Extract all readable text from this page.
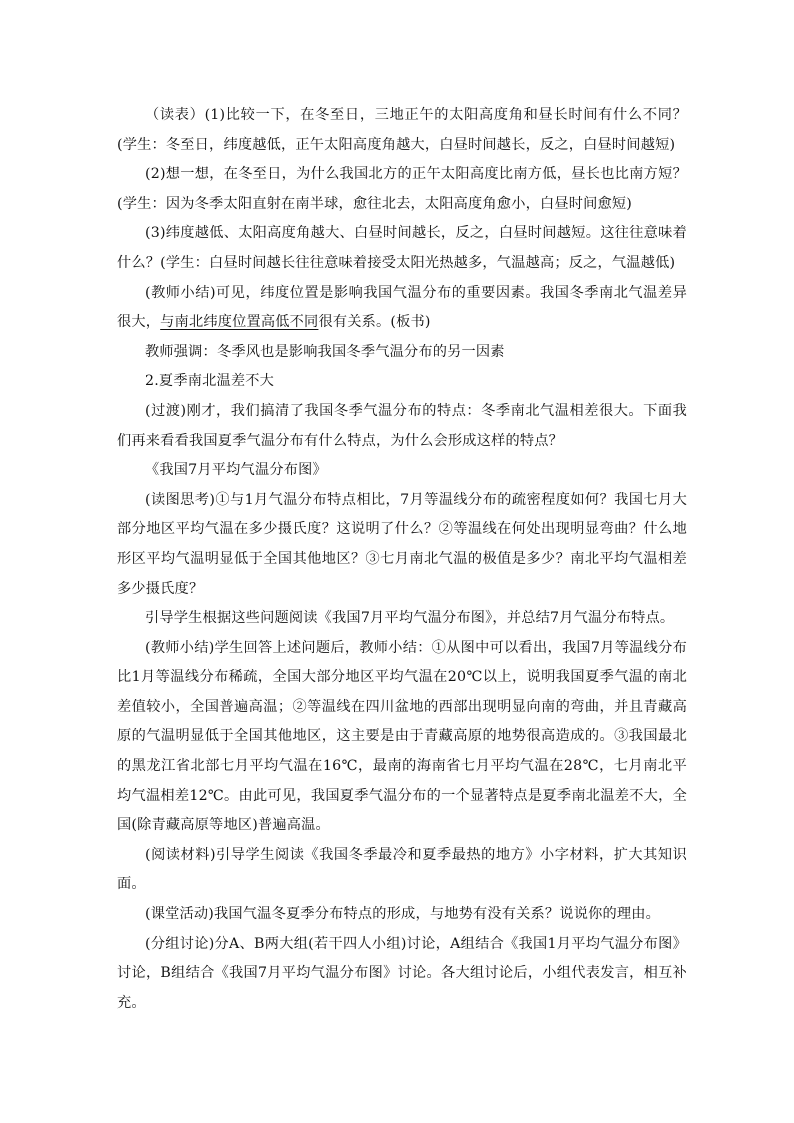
（读表）(1)比较一下，在冬至日，三地正午的太阳高度角和昼长时间有什么不同？(学生：冬至日，纬度越低，正午太阳高度角越大，白昼时间越长，反之，白昼时间越短)

(2)想一想，在冬至日，为什么我国北方的正午太阳高度比南方低，昼长也比南方短？(学生：因为冬季太阳直射在南半球，愈往北去，太阳高度角愈小，白昼时间愈短)

(3)纬度越低、太阳高度角越大、白昼时间越长，反之，白昼时间越短。这往往意味着什么？(学生：白昼时间越长往往意味着接受太阳光热越多，气温越高；反之，气温越低)

(教师小结)可见，纬度位置是影响我国气温分布的重要因素。我国冬季南北气温差异很大，与南北纬度位置高低不同很有关系。(板书)

教师强调：冬季风也是影响我国冬季气温分布的另一因素

2.夏季南北温差不大

(过渡)刚才，我们搞清了我国冬季气温分布的特点：冬季南北气温相差很大。下面我们再来看看我国夏季气温分布有什么特点，为什么会形成这样的特点？

《我国7月平均气温分布图》

(读图思考)①与1月气温分布特点相比，7月等温线分布的疏密程度如何？我国七月大部分地区平均气温在多少摄氏度？这说明了什么？②等温线在何处出现明显弯曲？什么地形区平均气温明显低于全国其他地区？③七月南北气温的极值是多少？南北平均气温相差多少摄氏度？

引导学生根据这些问题阅读《我国7月平均气温分布图》，并总结7月气温分布特点。

(教师小结)学生回答上述问题后，教师小结：①从图中可以看出，我国7月等温线分布比1月等温线分布稀疏，全国大部分地区平均气温在20℃以上，说明我国夏季气温的南北差值较小，全国普遍高温；②等温线在四川盆地的西部出现明显向南的弯曲，并且青藏高原的气温明显低于全国其他地区，这主要是由于青藏高原的地势很高造成的。③我国最北的黑龙江省北部七月平均气温在16℃，最南的海南省七月平均气温在28℃，七月南北平均气温相差12℃。由此可见，我国夏季气温分布的一个显著特点是夏季南北温差不大，全国(除青藏高原等地区)普遍高温。

(阅读材料)引导学生阅读《我国冬季最冷和夏季最热的地方》小字材料，扩大其知识面。

(课堂活动)我国气温冬夏季分布特点的形成，与地势有没有关系？说说你的理由。

(分组讨论)分A、B两大组(若干四人小组)讨论，A组结合《我国1月平均气温分布图》讨论，B组结合《我国7月平均气温分布图》讨论。各大组讨论后，小组代表发言，相互补充。
